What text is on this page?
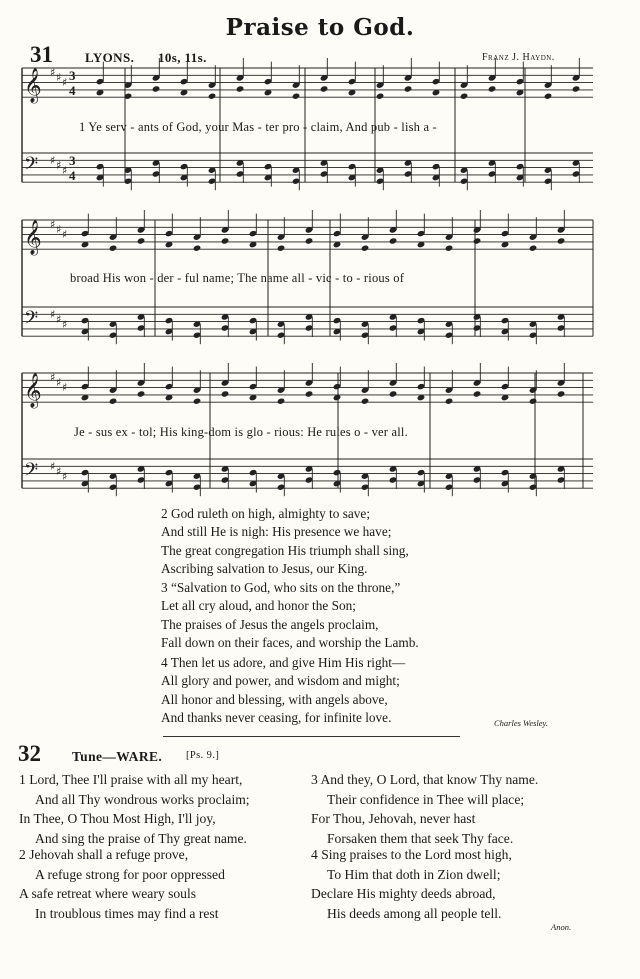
Praise to God.
31 LYONS. 10s, 11s.	Franz J. Haydn.
𝄞
𝄢
♯
♯
♯
♯
♯
♯
3
4
3
4
𝄞
𝄢
♯
♯
♯
♯
♯
♯
𝄞
𝄢
♯
♯
♯
♯
♯
♯
1 Ye serv - ants of God, your Mas - ter pro - claim, And pub - lish a -
broad His won - der - ful name; The name all - vic - to - rious of
Je - sus ex - tol; His king-dom is glo - rious: He rules o - ver all.
2 God ruleth on high, almighty to save;
And still He is nigh: His presence we have;
The great congregation His triumph shall sing,
Ascribing salvation to Jesus, our King.
3 “Salvation to God, who sits on the throne,”
Let all cry aloud, and honor the Son;
The praises of Jesus the angels proclaim,
Fall down on their faces, and worship the Lamb.
4 Then let us adore, and give Him His right—
All glory and power, and wisdom and might;
All honor and blessing, with angels above,
And thanks never ceasing, for infinite love.	Charles Wesley.
32 Tune—WARE. [Ps. 9.]
1 Lord, Thee I'll praise with all my heart,
And all Thy wondrous works proclaim;
In Thee, O Thou Most High, I'll joy,
And sing the praise of Thy great name.
2 Jehovah shall a refuge prove,
A refuge strong for poor oppressed
A safe retreat where weary souls
In troublous times may find a rest
3 And they, O Lord, that know Thy name.
Their confidence in Thee will place;
For Thou, Jehovah, never hast
Forsaken them that seek Thy face.
4 Sing praises to the Lord most high,
To Him that doth in Zion dwell;
Declare His mighty deeds abroad,
His deeds among all people tell.
Anon.
